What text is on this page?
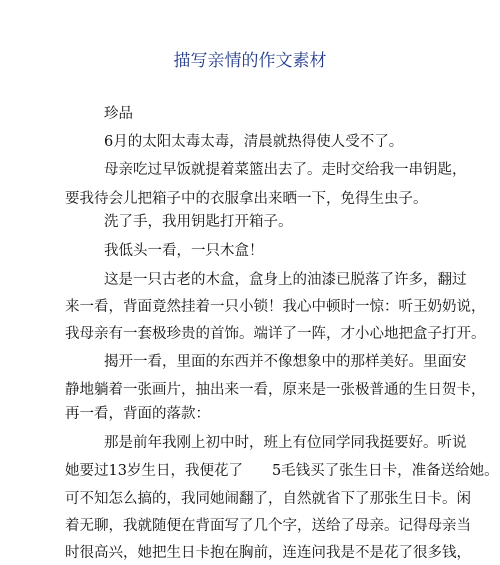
描写亲情的作文素材
珍品
6月的太阳太毒太毒，清晨就热得使人受不了。
母亲吃过早饭就提着菜篮出去了。走时交给我一串钥匙，
要我待会儿把箱子中的衣服拿出来晒一下，免得生虫子。
洗了手，我用钥匙打开箱子。
我低头一看，一只木盒！
这是一只古老的木盒，盒身上的油漆已脱落了许多，翻过
来一看，背面竟然挂着一只小锁！我心中顿时一惊：听王奶奶说，
我母亲有一套极珍贵的首饰。端详了一阵，才小心地把盒子打开。
揭开一看，里面的东西并不像想象中的那样美好。里面安
静地躺着一张画片，抽出来一看，原来是一张极普通的生日贺卡，
再一看，背面的落款：
那是前年我刚上初中时，班上有位同学同我挺要好。听说
她要过13岁生日，我便花了　　5毛钱买了张生日卡，准备送给她。
可不知怎么搞的，我同她闹翻了，自然就省下了那张生日卡。闲
着无聊，我就随便在背面写了几个字，送给了母亲。记得母亲当
时很高兴，她把生日卡抱在胸前，连连问我是不是花了很多钱，
